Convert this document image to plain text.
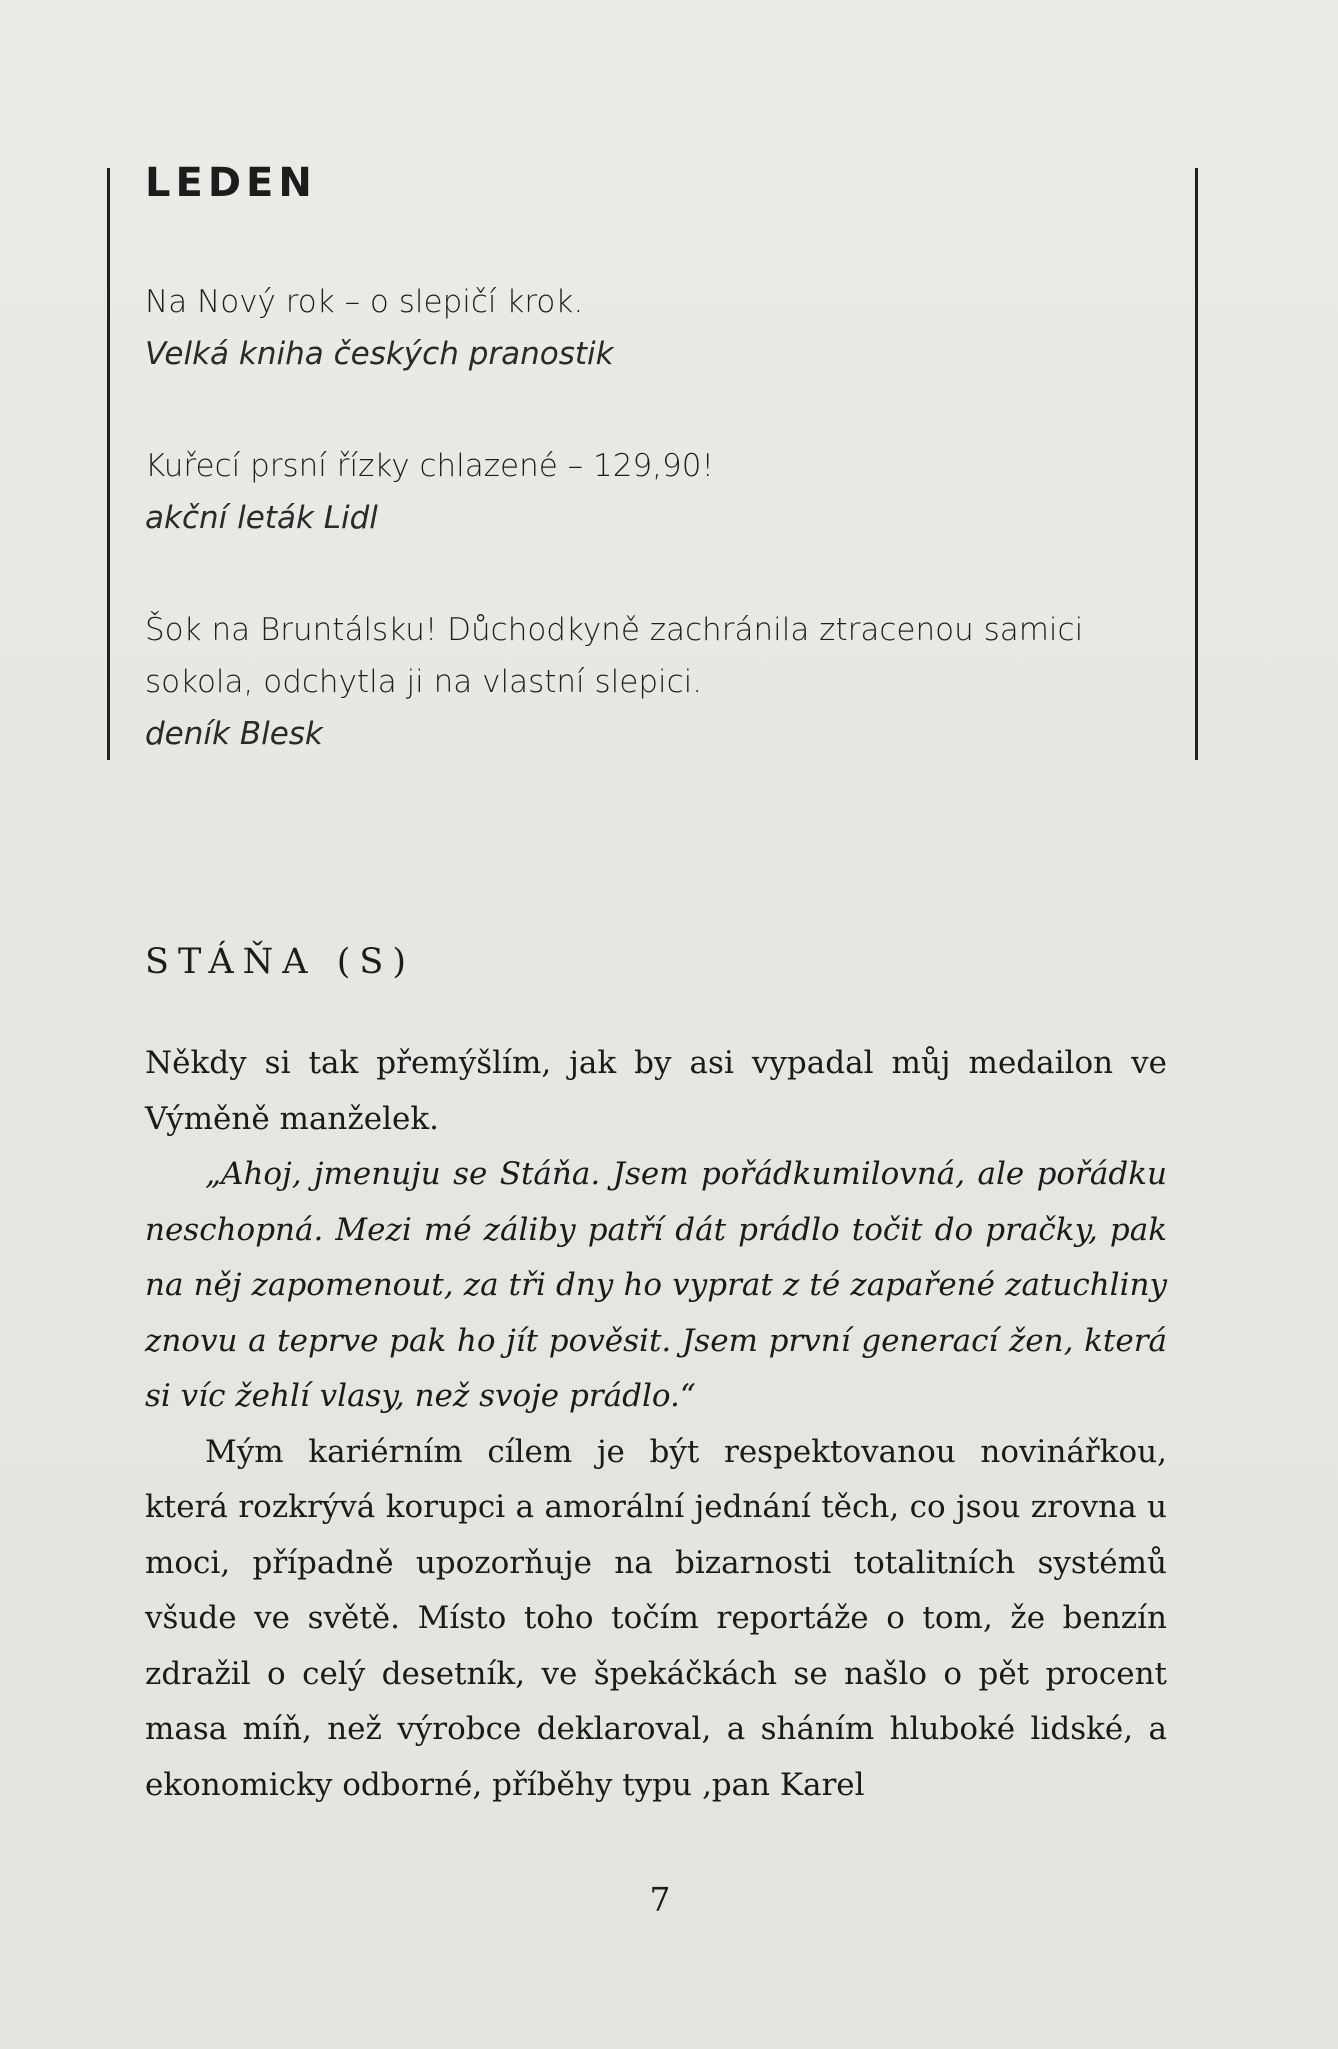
LEDEN
Na Nový rok – o slepičí krok.
Velká kniha českých pranostik
Kuřecí prsní řízky chlazené – 129,90!
akční leták Lidl
Šok na Bruntálsku! Důchodkyně zachránila ztracenou samici sokola, odchytla ji na vlastní slepici.
deník Blesk
STÁŇA (S)

Někdy si tak přemýšlím, jak by asi vypadal můj medailon ve Výměně manželek.

„Ahoj, jmenuju se Stáňa. Jsem pořádkumilovná, ale pořádku neschopná. Mezi mé záliby patří dát prádlo točit do pračky, pak na něj zapomenout, za tři dny ho vyprat z té zapařené zatuchliny znovu a teprve pak ho jít pověsit. Jsem první generací žen, která si víc žehlí vlasy, než svoje prádlo.“

Mým kariérním cílem je být respektovanou novinářkou, která rozkrývá korupci a amorální jednání těch, co jsou zrovna u moci, případně upozorňuje na bizarnosti totalitních systémů všude ve světě. Místo toho točím reportáže o tom, že benzín zdražil o celý desetník, ve špekáčkách se našlo o pět procent masa míň, než výrobce deklaroval, a sháním hluboké lidské, a ekonomicky odborné, příběhy typu ‚pan Karel

7
